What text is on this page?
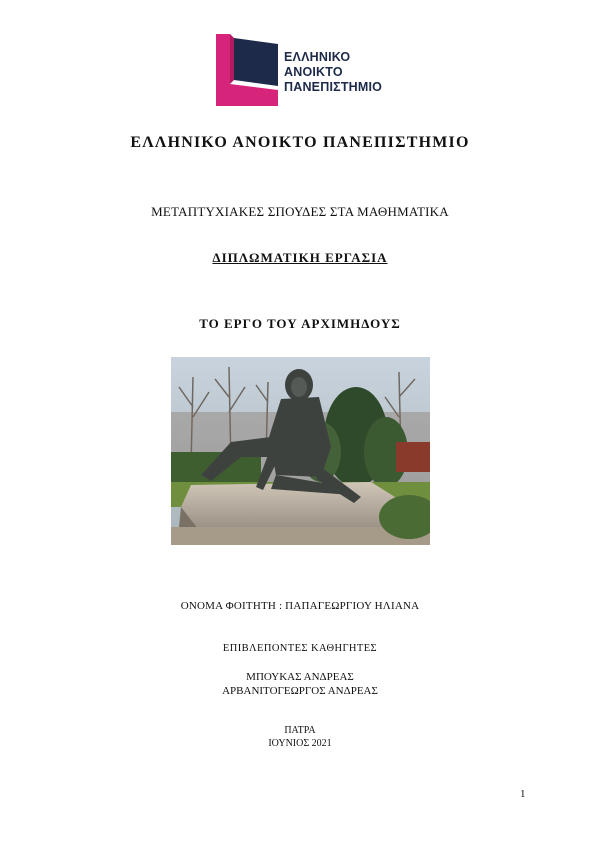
ΕΛΛΗΝΙΚΟ
ΑΝΟΙΚΤΟ
ΠΑΝΕΠΙΣΤΗΜΙΟ
ΕΛΛΗΝΙΚΟ ΑΝΟΙΚΤΟ ΠΑΝΕΠΙΣΤΗΜΙΟ
ΜΕΤΑΠΤΥΧΙΑΚΕΣ ΣΠΟΥΔΕΣ ΣΤΑ ΜΑΘΗΜΑΤΙΚΑ
ΔΙΠΛΩΜΑΤΙΚΗ ΕΡΓΑΣΙΑ
ΤΟ ΕΡΓΟ ΤΟΥ ΑΡΧΙΜΗΔΟΥΣ
ΟΝΟΜΑ ΦΟΙΤΗΤΗ : ΠΑΠΑΓΕΩΡΓΙΟΥ ΗΛΙΑΝΑ
ΕΠΙΒΛΕΠΟΝΤΕΣ ΚΑΘΗΓΗΤΕΣ
ΜΠΟΥΚΑΣ ΑΝΔΡΕΑΣ
ΑΡΒΑΝΙΤΟΓΕΩΡΓΟΣ ΑΝΔΡΕΑΣ
ΠΑΤΡΑ
ΙΟΥΝΙΟΣ 2021
1
